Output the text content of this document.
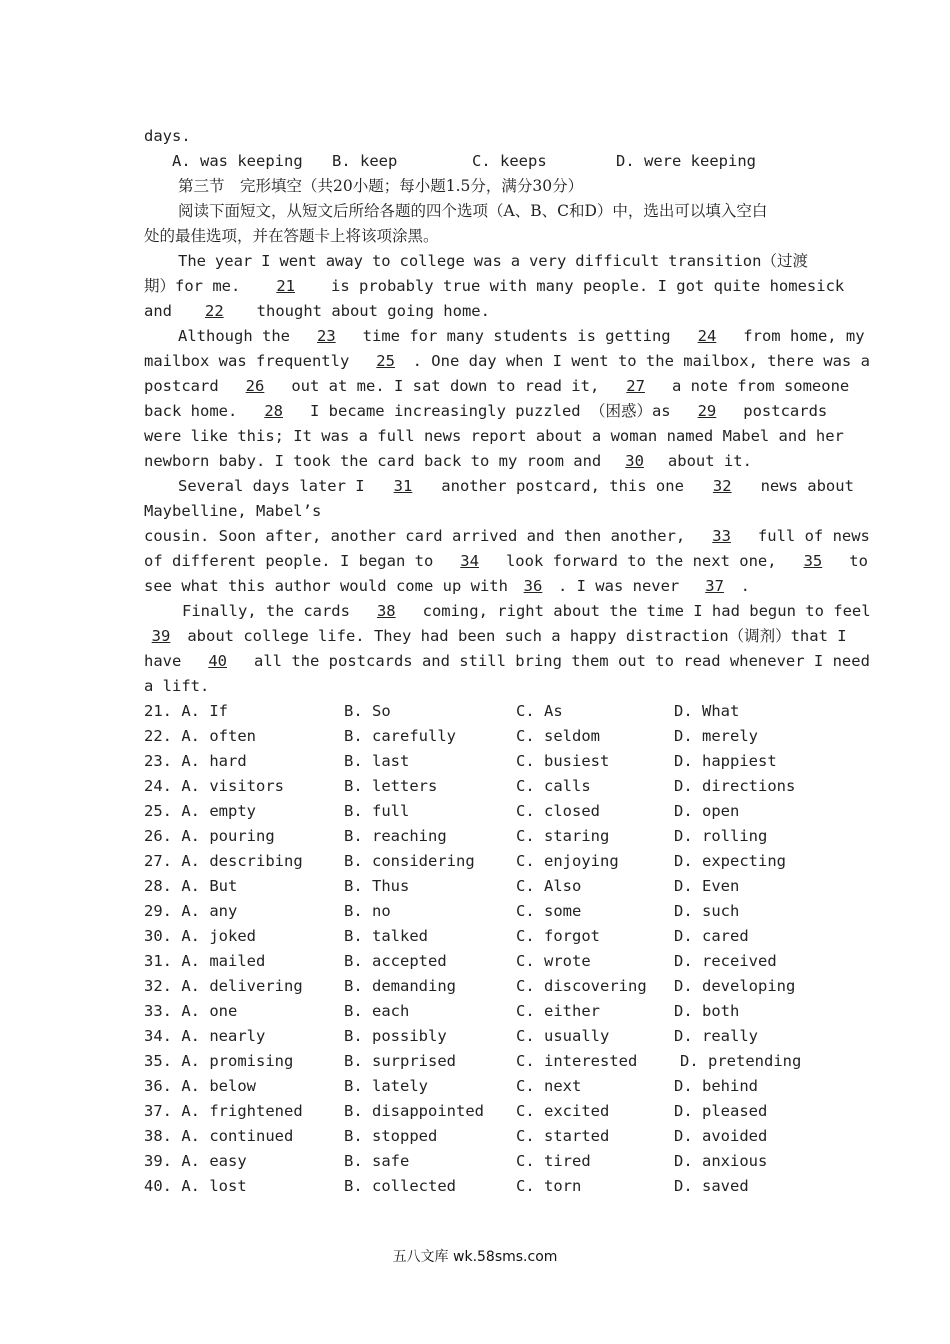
days.

A. was keeping

B. keep

	C. keeps

	D. were keeping

第三节　完形填空（共20小题；每小题1.5分，满分30分）
阅读下面短文，从短文后所给各题的四个选项（A、B、C和D）中，选出可以填入空白
处的最佳选项，并在答题卡上将该项涂黑。
The year I went away to college was a very difficult transition（过渡
期）for me. 21 is probably true with many people. I got quite homesick
and 22 thought about going home.
Although the 23 time for many students is getting 24 from home, my
mailbox was frequently 25 . One day when I went to the mailbox, there was a
postcard 26 out at me. I sat down to read it, 27 a note from someone
back home. 28 I became increasingly puzzled （困惑）as 29 postcards
were like this; It was a full news report about a woman named Mabel and her
newborn baby. I took the card back to my room and 30 about it.
Several days later I 31 another postcard, this one 32 news about
Maybelline, Mabel’s
cousin. Soon after, another card arrived and then another, 33 full of news
of different people. I began to 34 look forward to the next one, 35 to
see what this author would come up with 36 . I was never 37 .
Finally, the cards 38 coming, right about the time I had begun to feel
39 about college life. They had been such a happy distraction（调剂）that I
have 40 all the postcards and still bring them out to read whenever I need
a lift.
21. A. If	B. So	C. As	D. What
22. A. often	B. carefully	C. seldom	D. merely
23. A. hard	B. last	C. busiest	D. happiest
24. A. visitors	B. letters	C. calls	D. directions
25. A. empty	B. full	C. closed	D. open
26. A. pouring	B. reaching	C. staring	D. rolling
27. A. describing	B. considering	C. enjoying	D. expecting
28. A. But	B. Thus	C. Also	D. Even
29. A. any	B. no	C. some	D. such
30. A. joked	B. talked	C. forgot	D. cared
31. A. mailed	B. accepted	C. wrote	D. received
32. A. delivering	B. demanding	C. discovering D. developing
33. A. one	B. each	C. either	D. both
34. A. nearly	B. possibly	C. usually	D. really
35. A. promising	B. surprised	C. interested	D. pretending
36. A. below	B. lately	C. next	D. behind
37. A. frightened	B. disappointed C. excited	D. pleased
38. A. continued	B. stopped	C. started	D. avoided
39. A. easy	B. safe	C. tired	D. anxious
40. A. lost	B. collected	C. torn	D. saved
五八文库 wk.58sms.com
